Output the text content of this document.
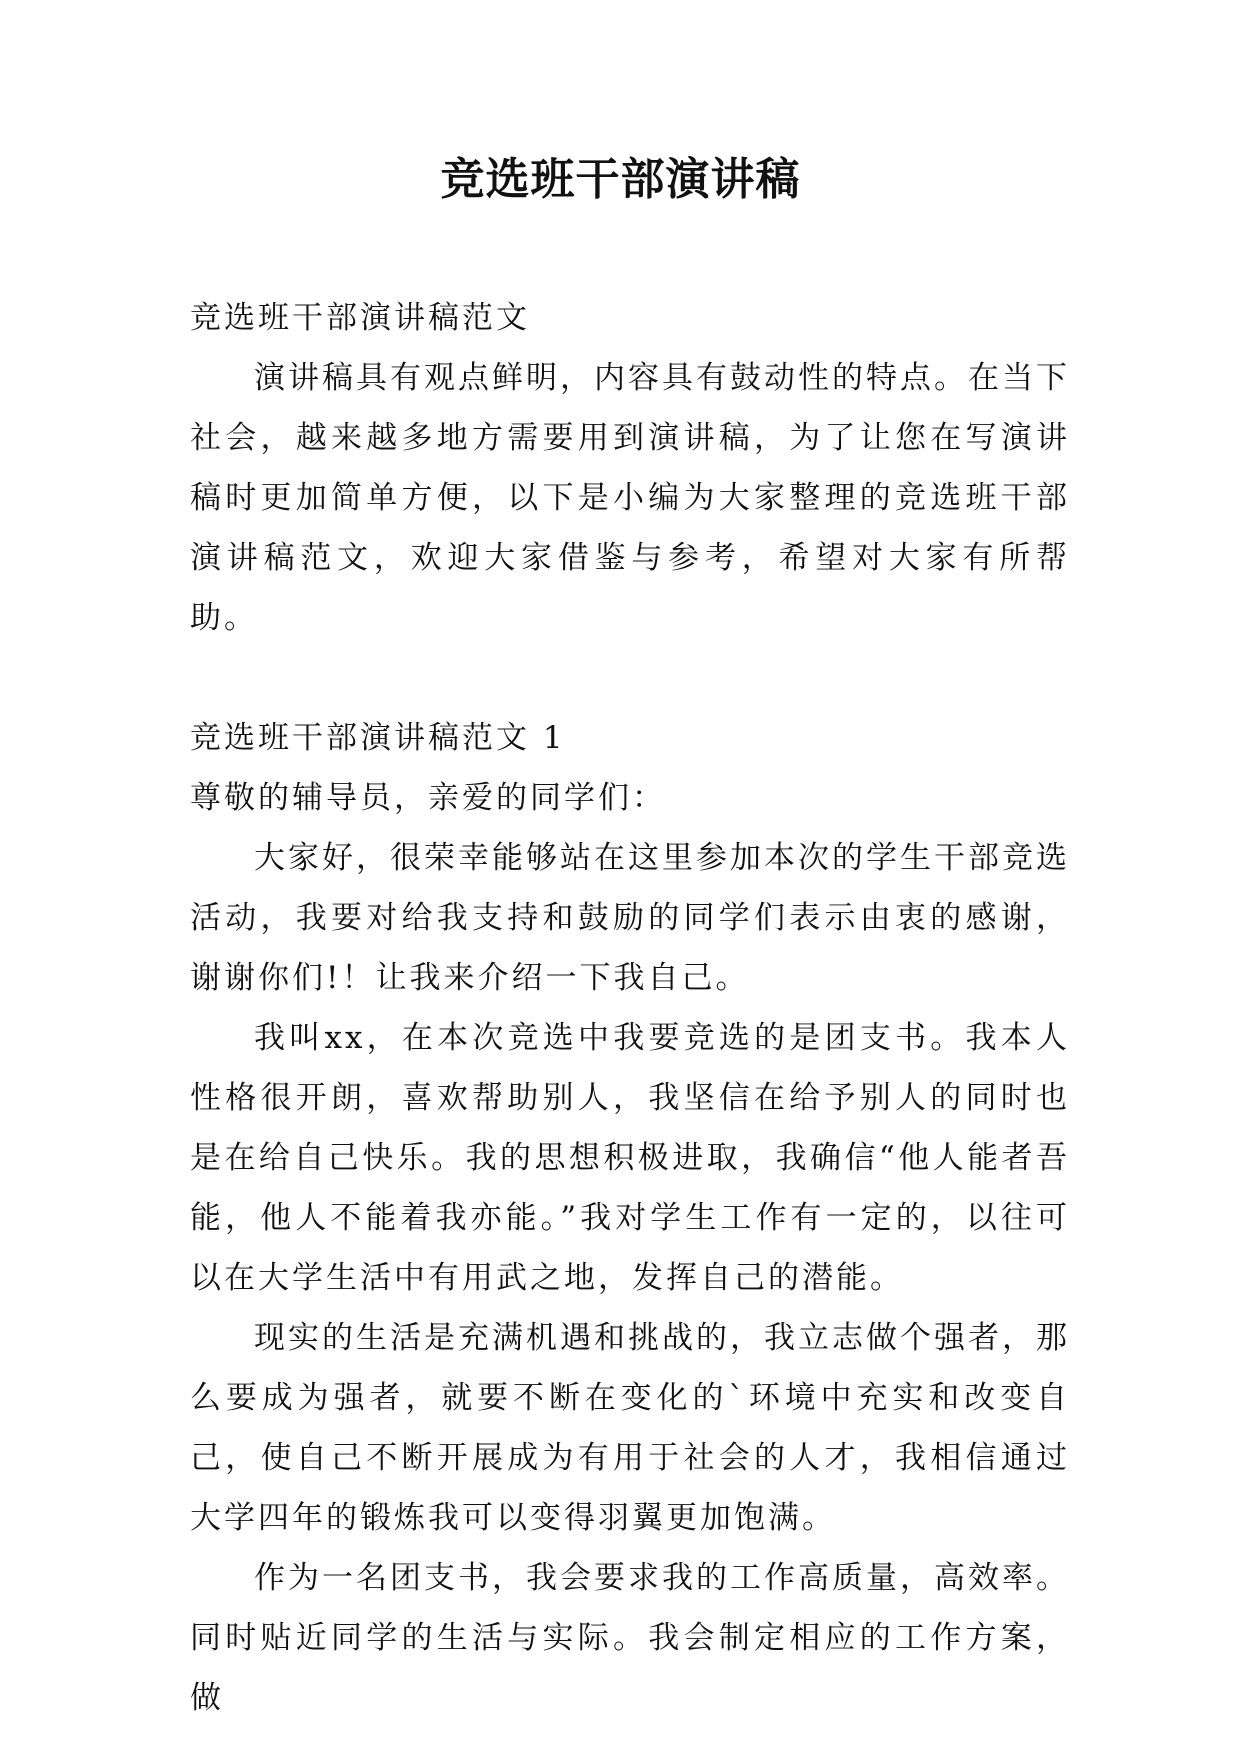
竞选班干部演讲稿

竞选班干部演讲稿范文

演讲稿具有观点鲜明，内容具有鼓动性的特点。在当下社会，越来越多地方需要用到演讲稿，为了让您在写演讲稿时更加简单方便，以下是小编为大家整理的竞选班干部演讲稿范文，欢迎大家借鉴与参考，希望对大家有所帮助。

竞选班干部演讲稿范文 1

尊敬的辅导员，亲爱的同学们：

大家好，很荣幸能够站在这里参加本次的学生干部竞选活动，我要对给我支持和鼓励的同学们表示由衷的感谢，谢谢你们!！让我来介绍一下我自己。

我叫xx，在本次竞选中我要竞选的是团支书。我本人性格很开朗，喜欢帮助别人，我坚信在给予别人的同时也是在给自己快乐。我的思想积极进取，我确信“他人能者吾能，他人不能着我亦能。”我对学生工作有一定的，以往可以在大学生活中有用武之地，发挥自己的潜能。

现实的生活是充满机遇和挑战的，我立志做个强者，那么要成为强者，就要不断在变化的`环境中充实和改变自己，使自己不断开展成为有用于社会的人才，我相信通过大学四年的锻炼我可以变得羽翼更加饱满。

作为一名团支书，我会要求我的工作高质量，高效率。同时贴近同学的生活与实际。我会制定相应的工作方案，做
